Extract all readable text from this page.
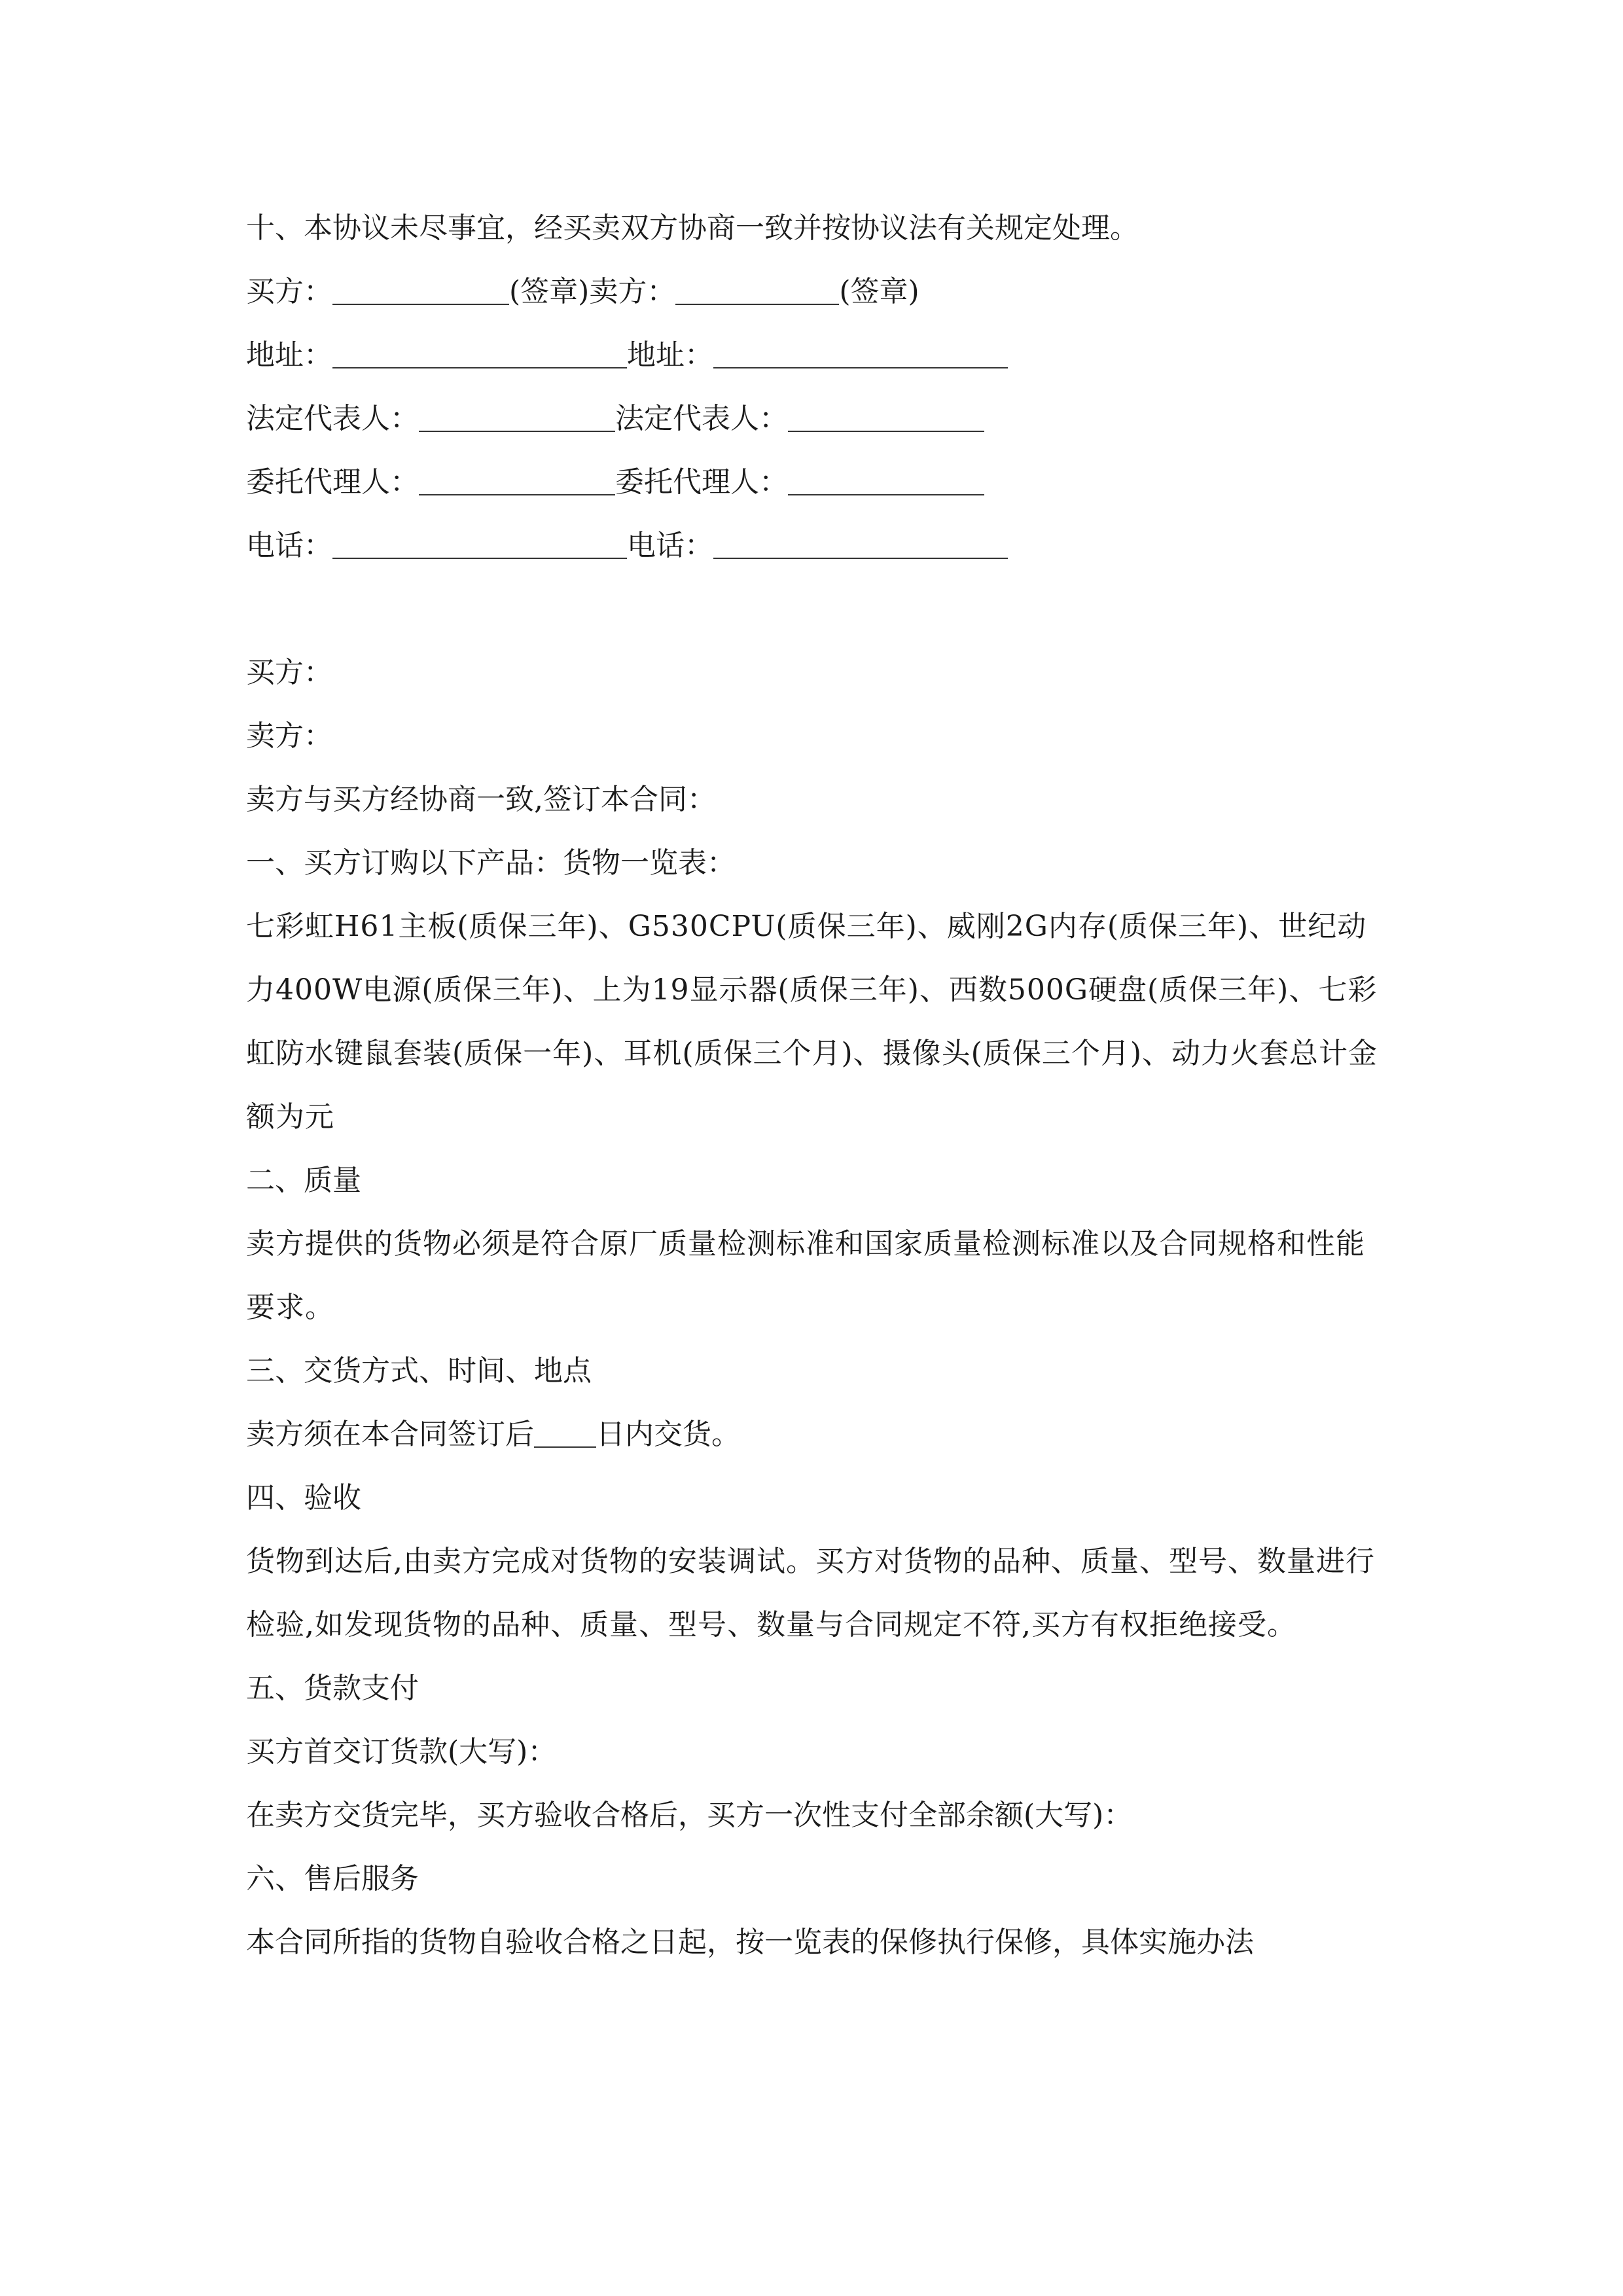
十、本协议未尽事宜，经买卖双方协商一致并按协议法有关规定处理。
买方：	(签章) 卖方：	(签章)
地址：	地址：
法定代表人：	法定代表人：
委托代理人：	委托代理人：
电话：	电话：
买方：
卖方：
卖方与买方经协商一致,签订本合同：
一、买方订购以下产品：货物一览表：
七彩虹H61主板(质保三年)、G530CPU(质保三年)、威刚2G内存(质保三年)、世纪动力400W电源(质保三年)、上为19显示器(质保三年)、西数500G硬盘(质保三年)、七彩虹防水键鼠套装(质保一年)、耳机(质保三个月)、摄像头(质保三个月)、动力火套总计金额为元
二、质量
卖方提供的货物必须是符合原厂质量检测标准和国家质量检测标准以及合同规格和性能要求。
三、交货方式、时间、地点
卖方须在本合同签订后 日内交货。
四、验收
货物到达后,由卖方完成对货物的安装调试。买方对货物的品种、质量、型号、数量进行检验,如发现货物的品种、质量、型号、数量与合同规定不符,买方有权拒绝接受。
五、货款支付
买方首交订货款(大写)：
在卖方交货完毕，买方验收合格后，买方一次性支付全部余额(大写)：
六、售后服务
本合同所指的货物自验收合格之日起，按一览表的保修执行保修，具体实施办法
